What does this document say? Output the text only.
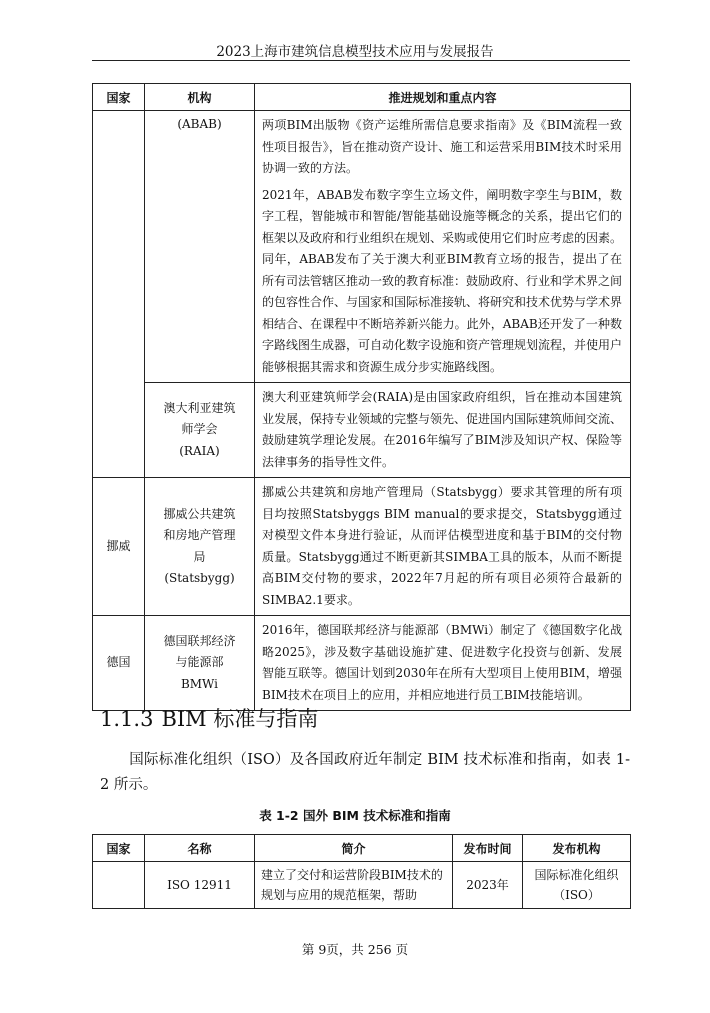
2023上海市建筑信息模型技术应用与发展报告
国家	机构	推进规划和重点内容

	(ABAB)	两项BIM出版物《资产运维所需信息要求指南》及《BIM流程一致性项目报告》，旨在推动资产设计、施工和运营采用BIM技术时采用协调一致的方法。

2021年，ABAB发布数字孪生立场文件，阐明数字孪生与BIM，数字工程，智能城市和智能/智能基础设施等概念的关系，提出它们的框架以及政府和行业组织在规划、采购或使用它们时应考虑的因素。同年，ABAB发布了关于澳大利亚BIM教育立场的报告，提出了在所有司法管辖区推动一致的教育标准：鼓励政府、行业和学术界之间的包容性合作、与国家和国际标准接轨、将研究和技术优势与学术界相结合、在课程中不断培养新兴能力。此外，ABAB还开发了一种数字路线图生成器，可自动化数字设施和资产管理规划流程，并使用户能够根据其需求和资源生成分步实施路线图。

	澳大利亚建筑
师学会
(RAIA)	澳大利亚建筑师学会(RAIA)是由国家政府组织，旨在推动本国建筑业发展，保持专业领域的完整与领先、促进国内国际建筑师间交流、鼓励建筑学理论发展。在2016年编写了BIM涉及知识产权、保险等法律事务的指导性文件。

挪威	挪威公共建筑
和房地产管理
局
(Statsbygg)	挪威公共建筑和房地产管理局（Statsbygg）要求其管理的所有项目均按照Statsbyggs BIM manual的要求提交，Statsbygg通过对模型文件本身进行验证，从而评估模型进度和基于BIM的交付物质量。Statsbygg通过不断更新其SIMBA工具的版本，从而不断提高BIM交付物的要求，2022年7月起的所有项目必须符合最新的SIMBA2.1要求。

德国	德国联邦经济
与能源部
BMWi	2016年，德国联邦经济与能源部（BMWi）制定了《德国数字化战略2025》，涉及数字基础设施扩建、促进数字化投资与创新、发展智能互联等。德国计划到2030年在所有大型项目上使用BIM，增强BIM技术在项目上的应用，并相应地进行员工BIM技能培训。

1.1.3 BIM 标准与指南
国际标准化组织（ISO）及各国政府近年制定 BIM 技术标准和指南，如表 1-2 所示。
表 1-2 国外 BIM 技术标准和指南
国家	名称	简介	发布时间	发布机构
	ISO 12911	建立了交付和运营阶段BIM技术的规划与应用的规范框架，帮助	2023年	国际标准化组织（ISO）
第 9页，共 256 页
